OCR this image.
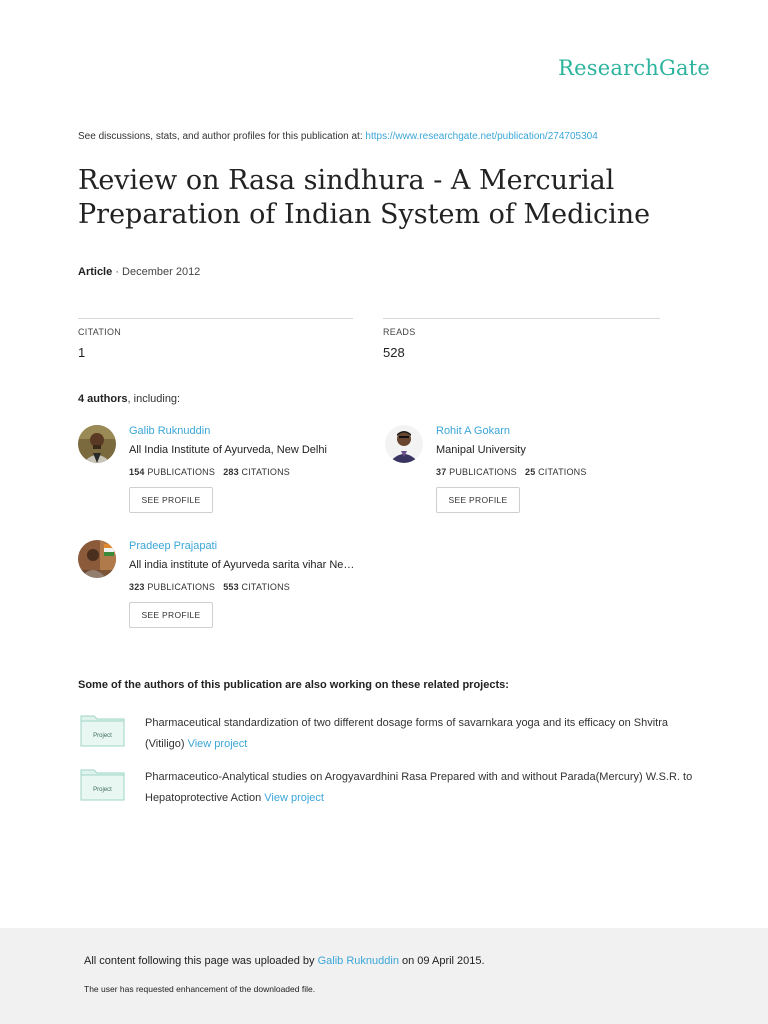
ResearchGate
See discussions, stats, and author profiles for this publication at: https://www.researchgate.net/publication/274705304
Review on Rasa sindhura - A Mercurial Preparation of Indian System of Medicine
Article · December 2012
CITATION
1
READS
528
4 authors, including:
Galib Ruknuddin
All India Institute of Ayurveda, New Delhi
154 PUBLICATIONS 283 CITATIONS
SEE PROFILE
Rohit A Gokarn
Manipal University
37 PUBLICATIONS 25 CITATIONS
SEE PROFILE
Pradeep Prajapati
All india institute of Ayurveda sarita vihar Ne…
323 PUBLICATIONS 553 CITATIONS
SEE PROFILE
Some of the authors of this publication are also working on these related projects:
Project
Pharmaceutical standardization of two different dosage forms of savarnkara yoga and its efficacy on Shvitra (Vitiligo) View project
Project
Pharmaceutico-Analytical studies on Arogyavardhini Rasa Prepared with and without Parada(Mercury) W.S.R. to Hepatoprotective Action View project
All content following this page was uploaded by Galib Ruknuddin on 09 April 2015.
The user has requested enhancement of the downloaded file.
